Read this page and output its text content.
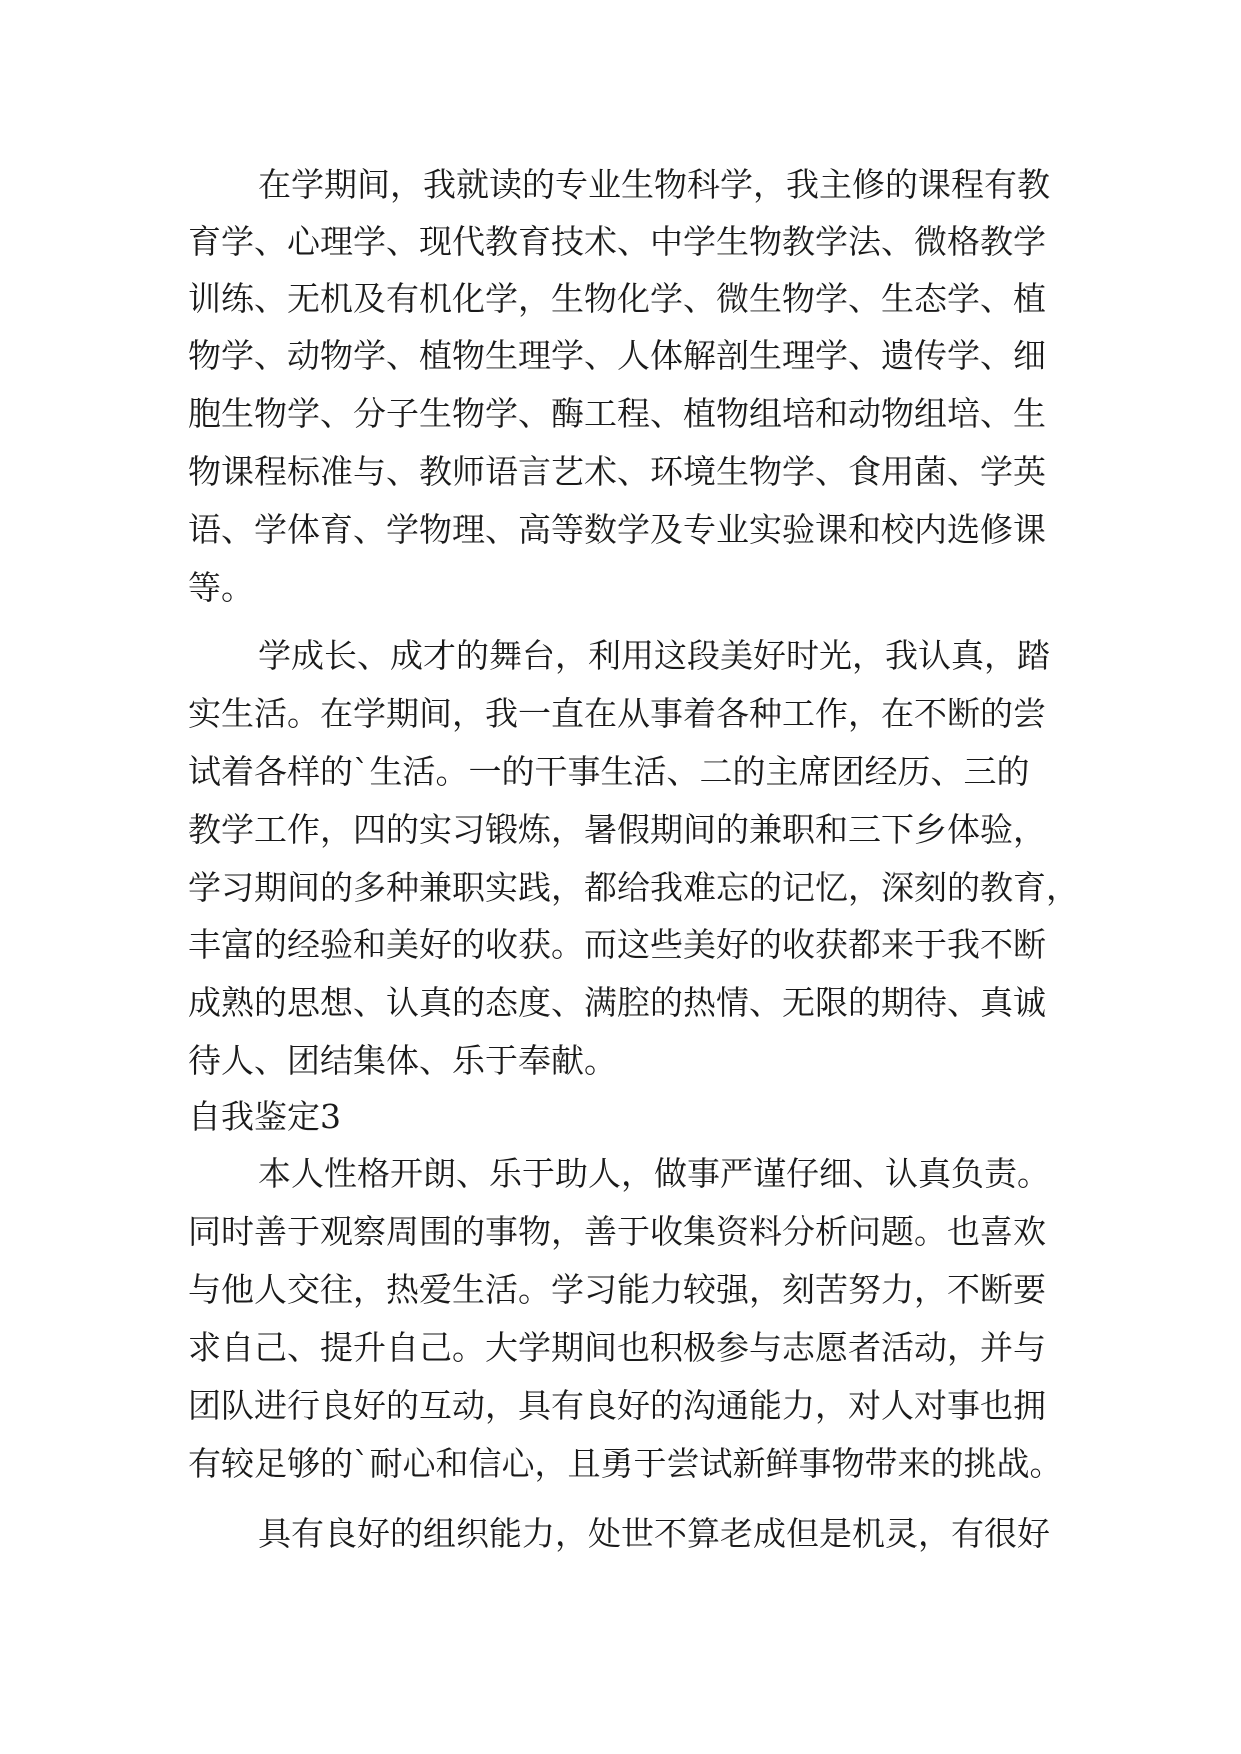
在学期间，我就读的专业生物科学，我主修的课程有教
育学、心理学、现代教育技术、中学生物教学法、微格教学
训练、无机及有机化学，生物化学、微生物学、生态学、植
物学、动物学、植物生理学、人体解剖生理学、遗传学、细
胞生物学、分子生物学、酶工程、植物组培和动物组培、生
物课程标准与、教师语言艺术、环境生物学、食用菌、学英
语、学体育、学物理、高等数学及专业实验课和校内选修课
等。
学成长、成才的舞台，利用这段美好时光，我认真，踏
实生活。在学期间，我一直在从事着各种工作，在不断的尝
试着各样的`生活。一的干事生活、二的主席团经历、三的
教学工作，四的实习锻炼，暑假期间的兼职和三下乡体验，
学习期间的多种兼职实践，都给我难忘的记忆，深刻的教育，
丰富的经验和美好的收获。而这些美好的收获都来于我不断
成熟的思想、认真的态度、满腔的热情、无限的期待、真诚
待人、团结集体、乐于奉献。
自我鉴定3
本人性格开朗、乐于助人，做事严谨仔细、认真负责。
同时善于观察周围的事物，善于收集资料分析问题。也喜欢
与他人交往，热爱生活。学习能力较强，刻苦努力，不断要
求自己、提升自己。大学期间也积极参与志愿者活动，并与
团队进行良好的互动，具有良好的沟通能力，对人对事也拥
有较足够的`耐心和信心，且勇于尝试新鲜事物带来的挑战。
具有良好的组织能力，处世不算老成但是机灵，有很好
